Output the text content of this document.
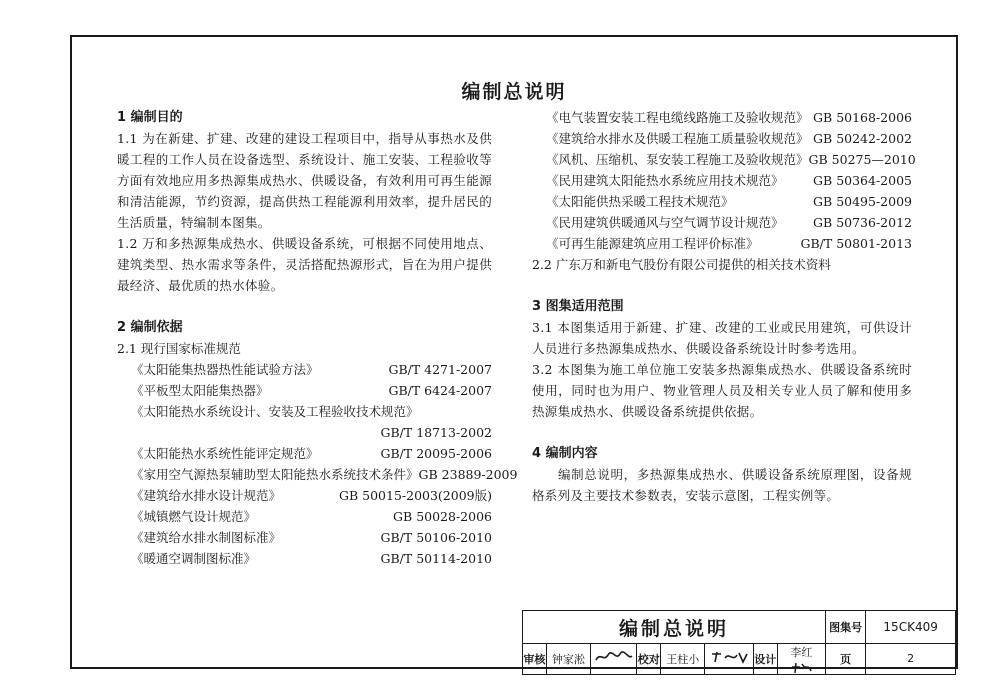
编制总说明
1 编制目的
1.1 为在新建、扩建、改建的建设工程项目中，指导从事热水及供暖工程的工作人员在设备选型、系统设计、施工安装、工程验收等方面有效地应用多热源集成热水、供暖设备，有效利用可再生能源和清洁能源，节约资源，提高供热工程能源利用效率，提升居民的生活质量，特编制本图集。
1.2 万和多热源集成热水、供暖设备系统，可根据不同使用地点、建筑类型、热水需求等条件，灵活搭配热源形式，旨在为用户提供最经济、最优质的热水体验。
2 编制依据
2.1 现行国家标准规范
《太阳能集热器热性能试验方法》	GB/T 4271-2007
《平板型太阳能集热器》	GB/T 6424-2007
《太阳能热水系统设计、安装及工程验收技术规范》
GB/T 18713-2002
《太阳能热水系统性能评定规范》	GB/T 20095-2006
《家用空气源热泵辅助型太阳能热水系统技术条件》 GB 23889-2009
《建筑给水排水设计规范》	GB 50015-2003(2009版)
《城镇燃气设计规范》	GB 50028-2006
《建筑给水排水制图标准》	GB/T 50106-2010
《暖通空调制图标准》	GB/T 50114-2010
《电气装置安装工程电缆线路施工及验收规范》 GB 50168-2006
《建筑给水排水及供暖工程施工质量验收规范》 GB 50242-2002
《风机、压缩机、泵安装工程施工及验收规范》 GB 50275—2010
《民用建筑太阳能热水系统应用技术规范》 GB 50364-2005
《太阳能供热采暖工程技术规范》	GB 50495-2009
《民用建筑供暖通风与空气调节设计规范》 GB 50736-2012
《可再生能源建筑应用工程评价标准》	GB/T 50801-2013
2.2 广东万和新电气股份有限公司提供的相关技术资料
3 图集适用范围
3.1 本图集适用于新建、扩建、改建的工业或民用建筑，可供设计人员进行多热源集成热水、供暖设备系统设计时参考选用。
3.2 本图集为施工单位施工安装多热源集成热水、供暖设备系统时使用，同时也为用户、物业管理人员及相关专业人员了解和使用多热源集成热水、供暖设备系统提供依据。
4 编制内容
编制总说明，多热源集成热水、供暖设备系统原理图，设备规格系列及主要技术参数表，安装示意图，工程实例等。
编制总说明								图集号	15CK409
审核	钟家淞		校对	王柱小		设计	李红	页	2
